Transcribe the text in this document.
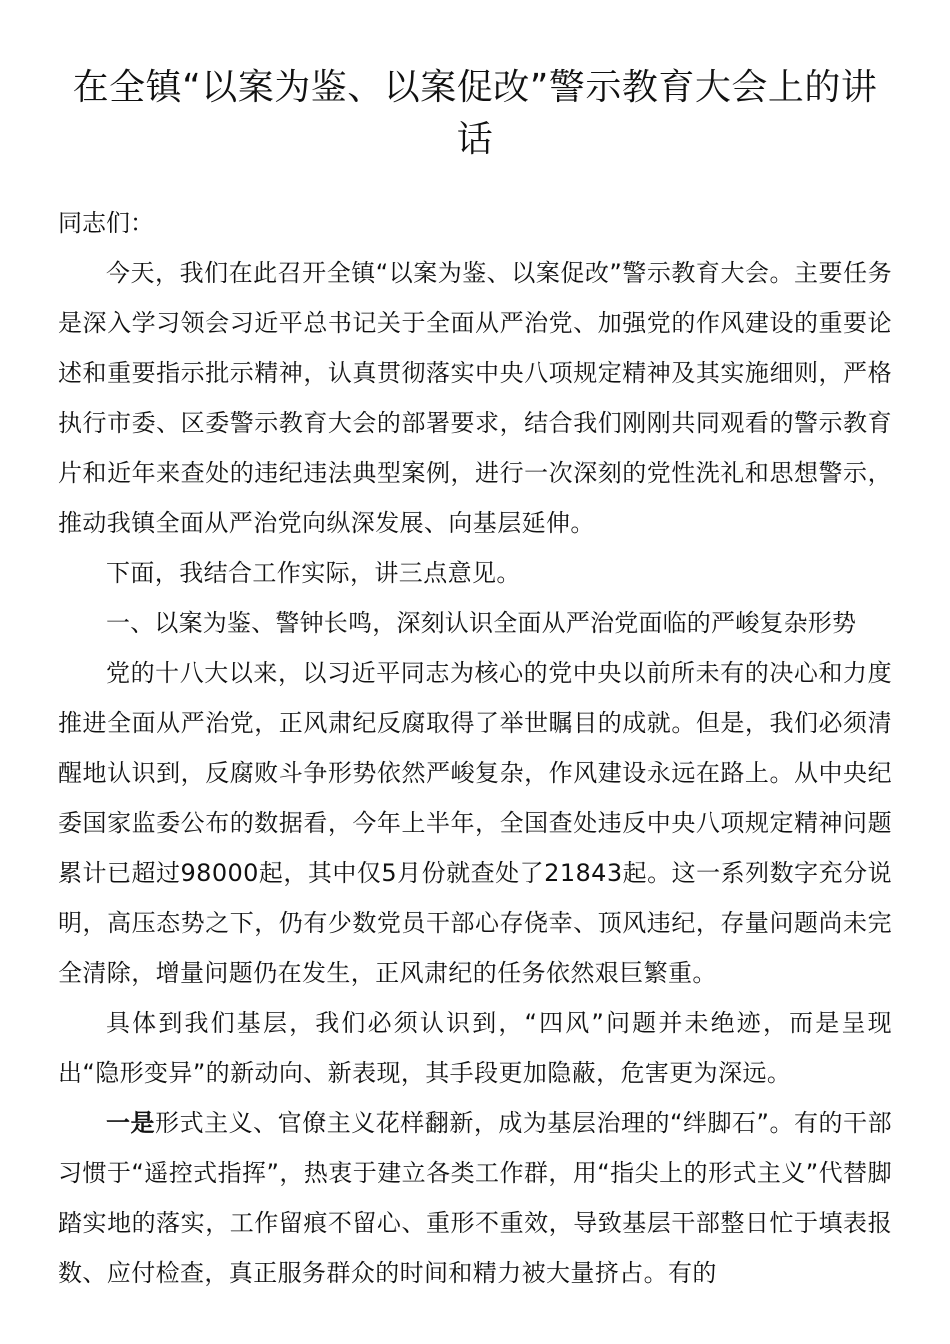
在全镇“以案为鉴、以案促改”警示教育大会上的讲话

同志们：

今天，我们在此召开全镇“以案为鉴、以案促改”警示教育大会。主要任务是深入学习领会习近平总书记关于全面从严治党、加强党的作风建设的重要论述和重要指示批示精神，认真贯彻落实中央八项规定精神及其实施细则，严格执行市委、区委警示教育大会的部署要求，结合我们刚刚共同观看的警示教育片和近年来查处的违纪违法典型案例，进行一次深刻的党性洗礼和思想警示，推动我镇全面从严治党向纵深发展、向基层延伸。

下面，我结合工作实际，讲三点意见。

一、以案为鉴、警钟长鸣，深刻认识全面从严治党面临的严峻复杂形势

党的十八大以来，以习近平同志为核心的党中央以前所未有的决心和力度推进全面从严治党，正风肃纪反腐取得了举世瞩目的成就。但是，我们必须清醒地认识到，反腐败斗争形势依然严峻复杂，作风建设永远在路上。从中央纪委国家监委公布的数据看，今年上半年，全国查处违反中央八项规定精神问题累计已超过98000起，其中仅5月份就查处了21843起。这一系列数字充分说明，高压态势之下，仍有少数党员干部心存侥幸、顶风违纪，存量问题尚未完全清除，增量问题仍在发生，正风肃纪的任务依然艰巨繁重。

具体到我们基层，我们必须认识到，“四风”问题并未绝迹，而是呈现出“隐形变异”的新动向、新表现，其手段更加隐蔽，危害更为深远。

一是形式主义、官僚主义花样翻新，成为基层治理的“绊脚石”。有的干部习惯于“遥控式指挥”，热衷于建立各类工作群，用“指尖上的形式主义”代替脚踏实地的落实，工作留痕不留心、重形不重效，导致基层干部整日忙于填表报数、应付检查，真正服务群众的时间和精力被大量挤占。有的
